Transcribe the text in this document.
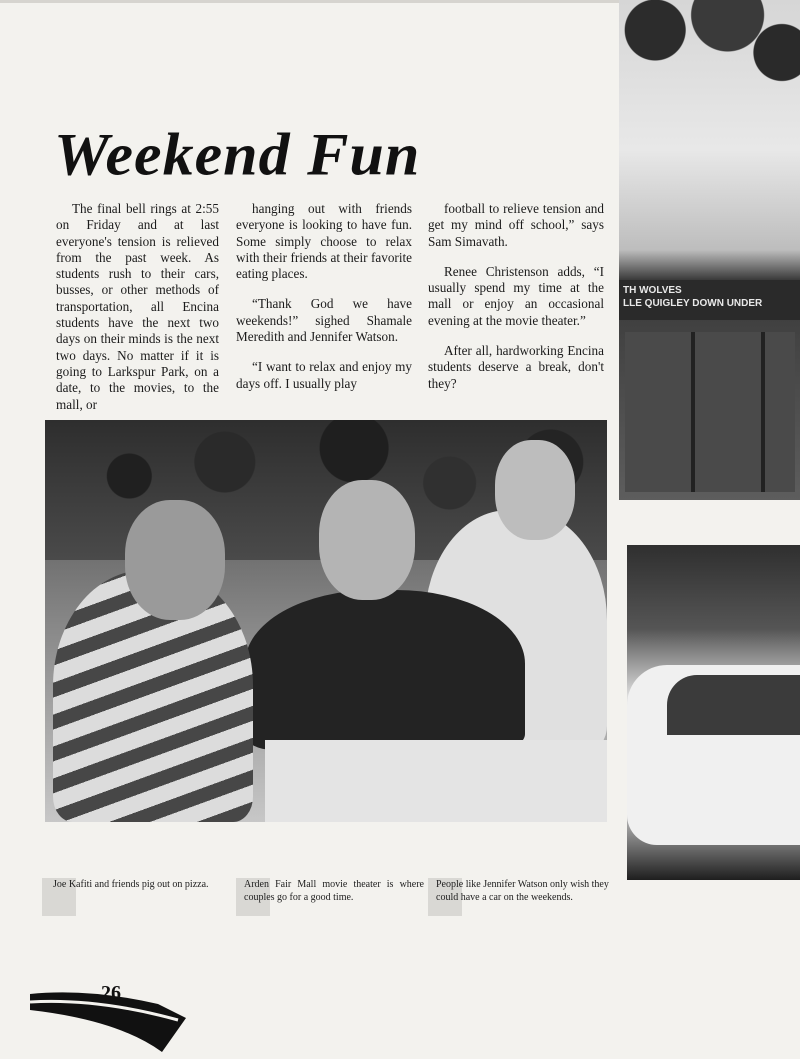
Weekend Fun

The final bell rings at 2:55 on Friday and at last everyone's tension is relieved from the past week. As students rush to their cars, busses, or other methods of transportation, all Encina students have the next two days on their minds is the next two days. No matter if it is going to Larkspur Park, on a date, to the movies, to the mall, or

hanging out with friends everyone is looking to have fun. Some simply choose to relax with their friends at their favorite eating places.

“Thank God we have weekends!” sighed Shamale Meredith and Jennifer Watson.

“I want to relax and enjoy my days off. I usually play

football to relieve tension and get my mind off school,” says Sam Simavath.

Renee Christenson adds, “I usually spend my time at the mall or enjoy an occasional evening at the movie theater.”

After all, hardworking Encina students deserve a break, don't they?

TH WOLVES
LLE QUIGLEY DOWN UNDER
Joe Kafiti and friends pig out on pizza.	Arden Fair Mall movie theater is where couples go for a good time.
People like Jennifer Watson only wish they could have a car on the weekends.
26
